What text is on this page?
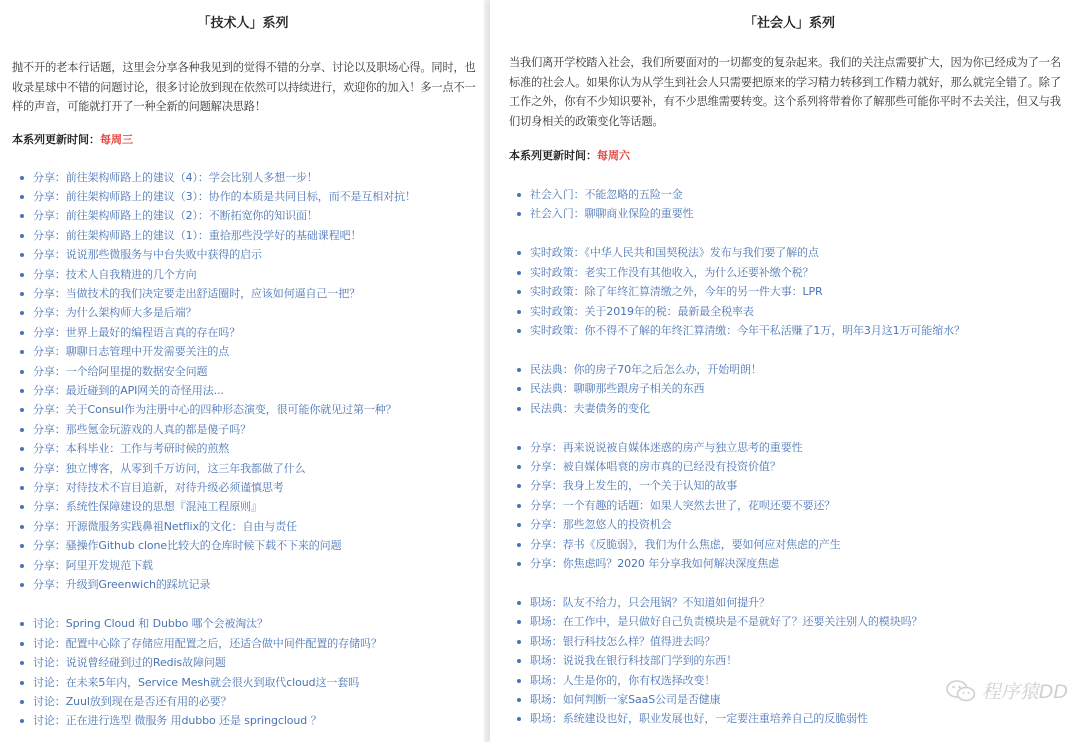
「技术人」系列

抛不开的老本行话题，这里会分享各种我见到的觉得不错的分享、讨论以及职场心得。同时，也收录星球中不错的问题讨论，很多讨论放到现在依然可以持续进行，欢迎你的加入！多一点不一样的声音，可能就打开了一种全新的问题解决思路！

本系列更新时间：每周三

分享：前往架构师路上的建议（4）：学会比别人多想一步！
分享：前往架构师路上的建议（3）：协作的本质是共同目标，而不是互相对抗！
分享：前往架构师路上的建议（2）：不断拓宽你的知识面！
分享：前往架构师路上的建议（1）：重拾那些没学好的基础课程吧！
分享：说说那些微服务与中台失败中获得的启示
分享：技术人自我精进的几个方向
分享：当做技术的我们决定要走出舒适圈时，应该如何逼自己一把？
分享：为什么架构师大多是后端？
分享：世界上最好的编程语言真的存在吗？
分享：聊聊日志管理中开发需要关注的点
分享：一个给阿里提的数据安全问题
分享：最近碰到的API网关的奇怪用法...
分享：关于Consul作为注册中心的四种形态演变，很可能你就见过第一种？
分享：那些氪金玩游戏的人真的都是傻子吗？
分享：本科毕业：工作与考研时候的煎熬
分享：独立博客，从零到千万访问，这三年我都做了什么
分享：对待技术不盲目追新，对待升级必须谨慎思考
分享：系统性保障建设的思想『混沌工程原则』
分享：开源微服务实践鼻祖Netflix的文化：自由与责任
分享：骚操作Github clone比较大的仓库时候下载不下来的问题
分享：阿里开发规范下载
分享：升级到Greenwich的踩坑记录
讨论：Spring Cloud 和 Dubbo 哪个会被淘汰？
讨论：配置中心除了存储应用配置之后，还适合做中间件配置的存储吗？
讨论：说说曾经碰到过的Redis故障问题
讨论：在未来5年内，Service Mesh就会很火到取代cloud这一套吗
讨论：Zuul放到现在是否还有用的必要？
讨论：正在进行选型 微服务 用dubbo 还是 springcloud ？
「社会人」系列

当我们离开学校踏入社会，我们所要面对的一切都变的复杂起来。我们的关注点需要扩大，因为你已经成为了一名标准的社会人。如果你认为从学生到社会人只需要把原来的学习精力转移到工作精力就好，那么就完全错了。除了工作之外，你有不少知识要补，有不少思维需要转变。这个系列将带着你了解那些可能你平时不去关注，但又与我们切身相关的政策变化等话题。

本系列更新时间：每周六

社会入门：不能忽略的五险一金
社会入门：聊聊商业保险的重要性
实时政策：《中华人民共和国契税法》发布与我们要了解的点
实时政策：老实工作没有其他收入，为什么还要补缴个税？
实时政策：除了年终汇算清缴之外，今年的另一件大事：LPR
实时政策：关于2019年的税：最新最全税率表
实时政策：你不得不了解的年终汇算清缴：今年干私活赚了1万，明年3月这1万可能缩水？
民法典：你的房子70年之后怎么办，开始明朗！
民法典：聊聊那些跟房子相关的东西
民法典：夫妻债务的变化
分享：再来说说被自媒体迷惑的房产与独立思考的重要性
分享：被自媒体唱衰的房市真的已经没有投资价值？
分享：我身上发生的，一个关于认知的故事
分享：一个有趣的话题：如果人突然去世了，花呗还要不要还？
分享：那些忽悠人的投资机会
分享：荐书《反脆弱》，我们为什么焦虑，要如何应对焦虑的产生
分享：你焦虑吗？2020 年分享我如何解决深度焦虑
职场：队友不给力，只会甩锅？不知道如何提升？
职场：在工作中，是只做好自己负责模块是不是就好了？还要关注别人的模块吗？
职场：银行科技怎么样？值得进去吗？
职场：说说我在银行科技部门学到的东西！
职场：人生是你的，你有权选择改变！
职场：如何判断一家SaaS公司是否健康
职场：系统建设也好，职业发展也好，一定要注重培养自己的反脆弱性
程序猿DD
